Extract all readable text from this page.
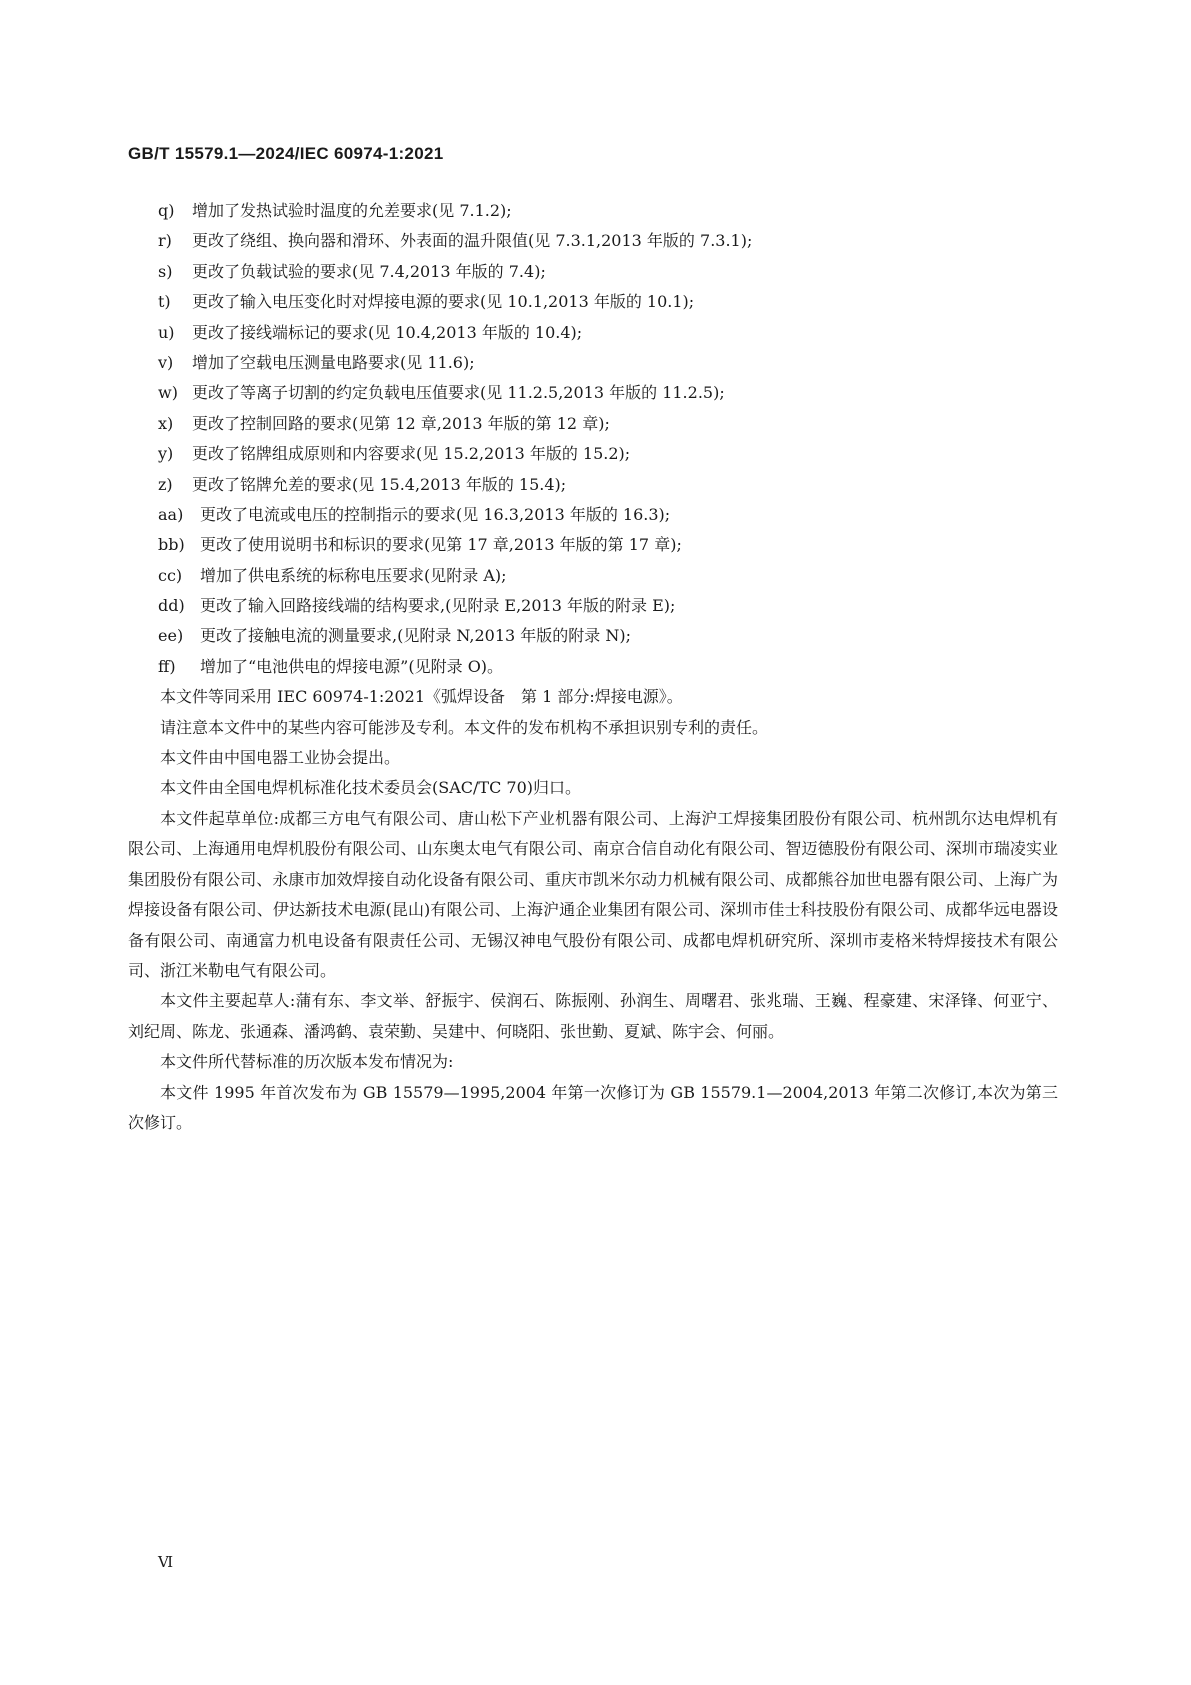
GB/T 15579.1—2024/IEC 60974-1:2021
q)	增加了发热试验时温度的允差要求(见 7.1.2);
r)	更改了绕组、换向器和滑环、外表面的温升限值(见 7.3.1,2013 年版的 7.3.1);
s)	更改了负载试验的要求(见 7.4,2013 年版的 7.4);
t)	更改了输入电压变化时对焊接电源的要求(见 10.1,2013 年版的 10.1);
u)	更改了接线端标记的要求(见 10.4,2013 年版的 10.4);
v)	增加了空载电压测量电路要求(见 11.6);
w) 更改了等离子切割的约定负载电压值要求(见 11.2.5,2013 年版的 11.2.5);
x)	更改了控制回路的要求(见第 12 章,2013 年版的第 12 章);
y)	更改了铭牌组成原则和内容要求(见 15.2,2013 年版的 15.2);
z)	更改了铭牌允差的要求(见 15.4,2013 年版的 15.4);
aa)	更改了电流或电压的控制指示的要求(见 16.3,2013 年版的 16.3);
bb) 更改了使用说明书和标识的要求(见第 17 章,2013 年版的第 17 章);
cc)	增加了供电系统的标称电压要求(见附录 A);
dd) 更改了输入回路接线端的结构要求,(见附录 E,2013 年版的附录 E);
ee)	更改了接触电流的测量要求,(见附录 N,2013 年版的附录 N);
ff)	增加了“电池供电的焊接电源”(见附录 O)。

本文件等同采用 IEC 60974-1:2021《弧焊设备　第 1 部分:焊接电源》。

请注意本文件中的某些内容可能涉及专利。本文件的发布机构不承担识别专利的责任。

本文件由中国电器工业协会提出。

本文件由全国电焊机标准化技术委员会(SAC/TC 70)归口。

本文件起草单位:成都三方电气有限公司、唐山松下产业机器有限公司、上海沪工焊接集团股份有限公司、杭州凯尔达电焊机有限公司、上海通用电焊机股份有限公司、山东奥太电气有限公司、南京合信自动化有限公司、智迈德股份有限公司、深圳市瑞凌实业集团股份有限公司、永康市加效焊接自动化设备有限公司、重庆市凯米尔动力机械有限公司、成都熊谷加世电器有限公司、上海广为焊接设备有限公司、伊达新技术电源(昆山)有限公司、上海沪通企业集团有限公司、深圳市佳士科技股份有限公司、成都华远电器设备有限公司、南通富力机电设备有限责任公司、无锡汉神电气股份有限公司、成都电焊机研究所、深圳市麦格米特焊接技术有限公司、浙江米勒电气有限公司。

本文件主要起草人:蒲有东、李文举、舒振宇、侯润石、陈振刚、孙润生、周曙君、张兆瑞、王巍、程豪建、宋泽锋、何亚宁、刘纪周、陈龙、张通森、潘鸿鹤、袁荣勤、吴建中、何晓阳、张世勤、夏斌、陈宇会、何丽。

本文件所代替标准的历次版本发布情况为:

本文件 1995 年首次发布为 GB 15579—1995,2004 年第一次修订为 GB 15579.1—2004,2013 年第二次修订,本次为第三次修订。

Ⅵ
